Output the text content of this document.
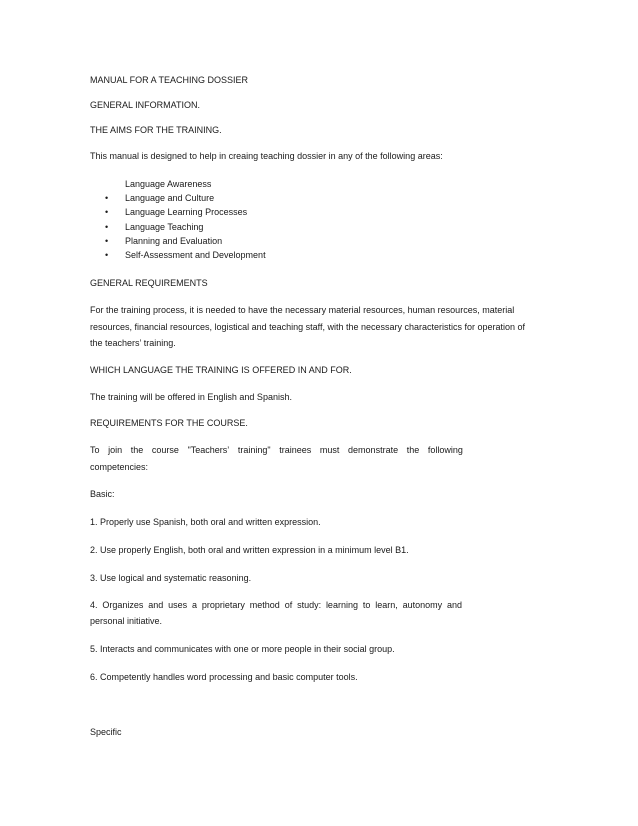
MANUAL FOR A TEACHING DOSSIER

GENERAL INFORMATION.

THE AIMS FOR THE TRAINING.

This manual is designed to help in creaing teaching dossier in any of the following areas:

Language Awareness

• Language and Culture

• Language Learning Processes

• Language Teaching

• Planning and Evaluation

• Self-Assessment and Development

GENERAL REQUIREMENTS

For the training process, it is needed to have the necessary material resources, human resources, material

resources, financial resources, logistical and teaching staff, with the necessary characteristics for operation of

the teachers’ training.

WHICH LANGUAGE THE TRAINING IS OFFERED IN AND FOR.

The training will be offered in English and Spanish.

REQUIREMENTS FOR THE COURSE.

To join the course "Teachers’ training" trainees must demonstrate the following

competencies:

Basic:

1. Properly use Spanish, both oral and written expression.

2. Use properly English, both oral and written expression in a minimum level B1.

3. Use logical and systematic reasoning.

4. Organizes and uses a proprietary method of study: learning to learn, autonomy and

personal initiative.

5. Interacts and communicates with one or more people in their social group.

6. Competently handles word processing and basic computer tools.

Specific
